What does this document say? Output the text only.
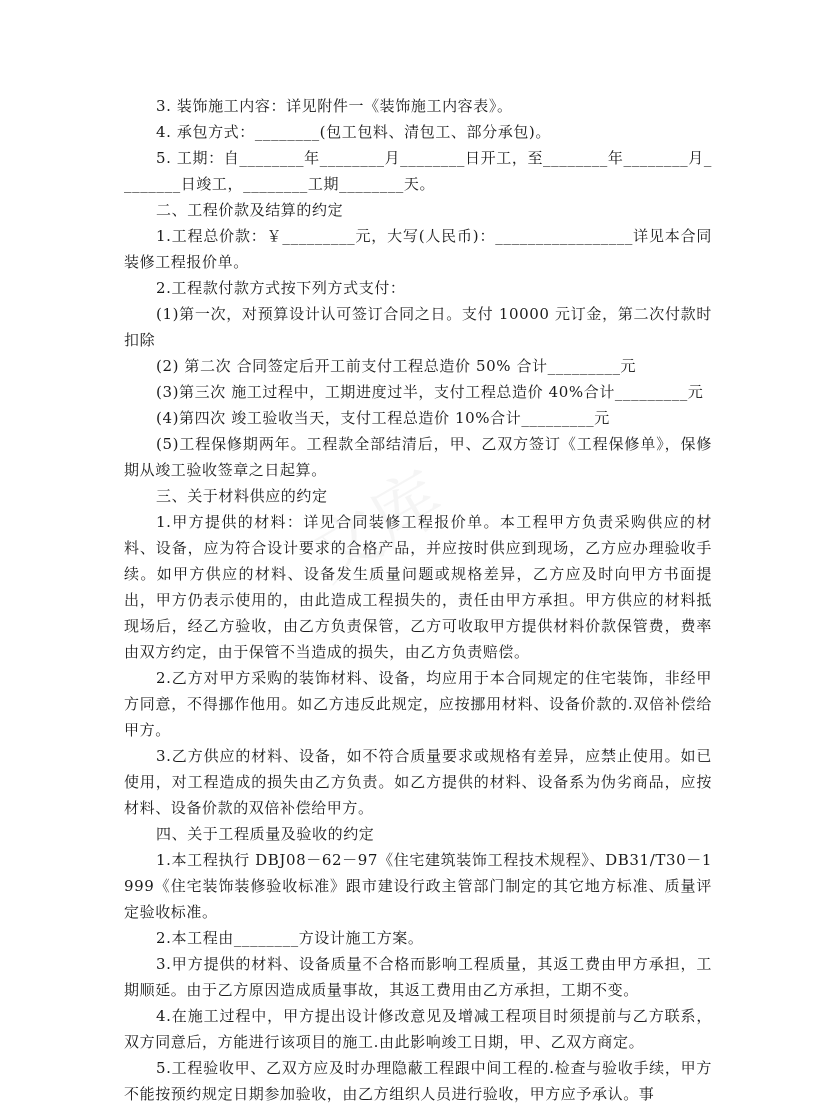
文库

3. 装饰施工内容：详见附件一《装饰施工内容表》。

4. 承包方式：________(包工包料、清包工、部分承包)。

5. 工期：自________年________月________日开工，至________年________月________日竣工，________工期________天。

二、工程价款及结算的约定

1.工程总价款：￥_________元，大写(人民币)：_________________详见本合同装修工程报价单。

2.工程款付款方式按下列方式支付：

(1)第一次，对预算设计认可签订合同之日。支付 10000 元订金，第二次付款时扣除

(2) 第二次 合同签定后开工前支付工程总造价 50% 合计_________元

(3)第三次 施工过程中，工期进度过半，支付工程总造价 40%合计_________元

(4)第四次 竣工验收当天，支付工程总造价 10%合计_________元

(5)工程保修期两年。工程款全部结清后，甲、乙双方签订《工程保修单》，保修期从竣工验收签章之日起算。

三、关于材料供应的约定

1.甲方提供的材料：详见合同装修工程报价单。本工程甲方负责采购供应的材料、设备，应为符合设计要求的合格产品，并应按时供应到现场，乙方应办理验收手续。如甲方供应的材料、设备发生质量问题或规格差异，乙方应及时向甲方书面提出，甲方仍表示使用的，由此造成工程损失的，责任由甲方承担。甲方供应的材料抵现场后，经乙方验收，由乙方负责保管，乙方可收取甲方提供材料价款保管费，费率由双方约定，由于保管不当造成的损失，由乙方负责赔偿。

2.乙方对甲方采购的装饰材料、设备，均应用于本合同规定的住宅装饰，非经甲方同意，不得挪作他用。如乙方违反此规定，应按挪用材料、设备价款的.双倍补偿给甲方。

3.乙方供应的材料、设备，如不符合质量要求或规格有差异，应禁止使用。如已使用，对工程造成的损失由乙方负责。如乙方提供的材料、设备系为伪劣商品，应按材料、设备价款的双倍补偿给甲方。

四、关于工程质量及验收的约定

1.本工程执行 DBJ08－62－97《住宅建筑装饰工程技术规程》、DB31/T30－1999《住宅装饰装修验收标准》跟市建设行政主管部门制定的其它地方标准、质量评定验收标准。

2.本工程由________方设计施工方案。

3.甲方提供的材料、设备质量不合格而影响工程质量，其返工费由甲方承担，工期顺延。由于乙方原因造成质量事故，其返工费用由乙方承担，工期不变。

4.在施工过程中，甲方提出设计修改意见及增减工程项目时须提前与乙方联系，双方同意后，方能进行该项目的施工.由此影响竣工日期，甲、乙双方商定。

5.工程验收甲、乙双方应及时办理隐蔽工程跟中间工程的.检查与验收手续，甲方不能按预约规定日期参加验收，由乙方组织人员进行验收，甲方应予承认。事
